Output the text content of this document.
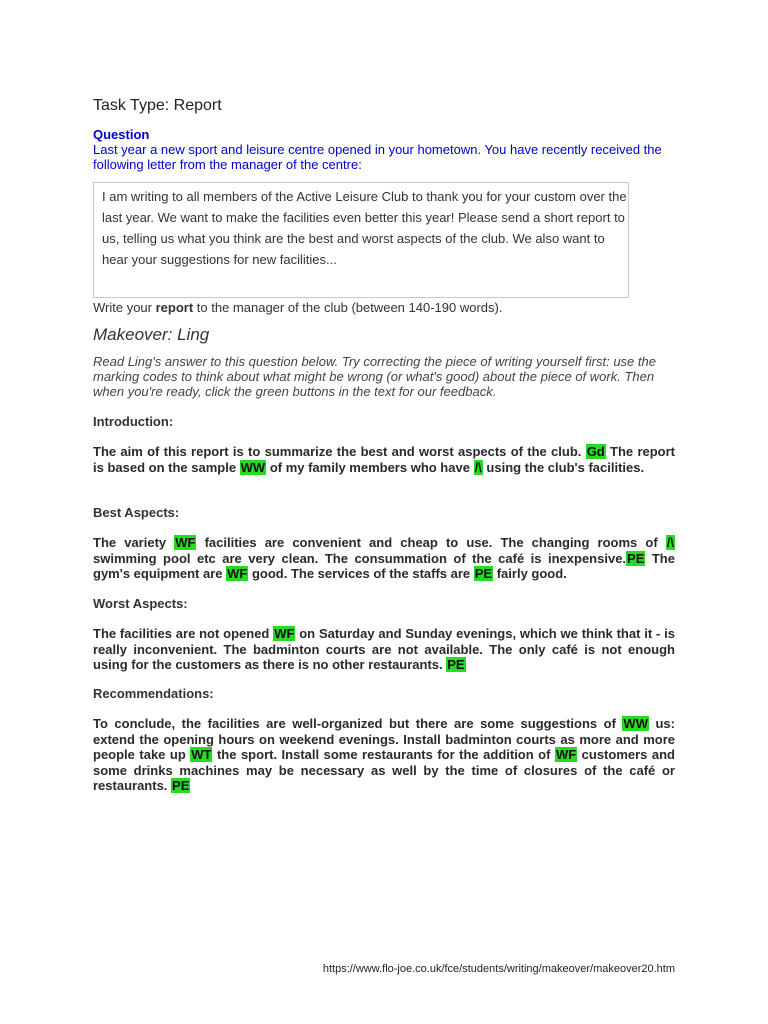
Task Type: Report
Question
Last year a new sport and leisure centre opened in your hometown. You have recently received the following letter from the manager of the centre:

I am writing to all members of the Active Leisure Club to thank you for your custom over the last year. We want to make the facilities even better this year! Please send a short report to us, telling us what you think are the best and worst aspects of the club. We also want to hear your suggestions for new facilities...

Write your report to the manager of the club (between 140-190 words).
Makeover: Ling
Read Ling's answer to this question below. Try correcting the piece of writing yourself first: use the marking codes to think about what might be wrong (or what's good) about the piece of work. Then when you're ready, click the green buttons in the text for our feedback.
Introduction:

The aim of this report is to summarize the best and worst aspects of the club. Gd The report is based on the sample WW of my family members who have /\ using the club's facilities.

Best Aspects:

The variety WF facilities are convenient and cheap to use. The changing rooms of /\ swimming pool etc are very clean. The consummation of the café is inexpensive.PE The gym's equipment are WF good. The services of the staffs are PE fairly good.

Worst Aspects:

The facilities are not opened WF on Saturday and Sunday evenings, which we think that it - is really inconvenient. The badminton courts are not available. The only café is not enough using for the customers as there is no other restaurants. PE

Recommendations:

To conclude, the facilities are well-organized but there are some suggestions of WW us: extend the opening hours on weekend evenings. Install badminton courts as more and more people take up WT the sport. Install some restaurants for the addition of WF customers and some drinks machines may be necessary as well by the time of closures of the café or restaurants. PE

https://www.flo-joe.co.uk/fce/students/writing/makeover/makeover20.htm
